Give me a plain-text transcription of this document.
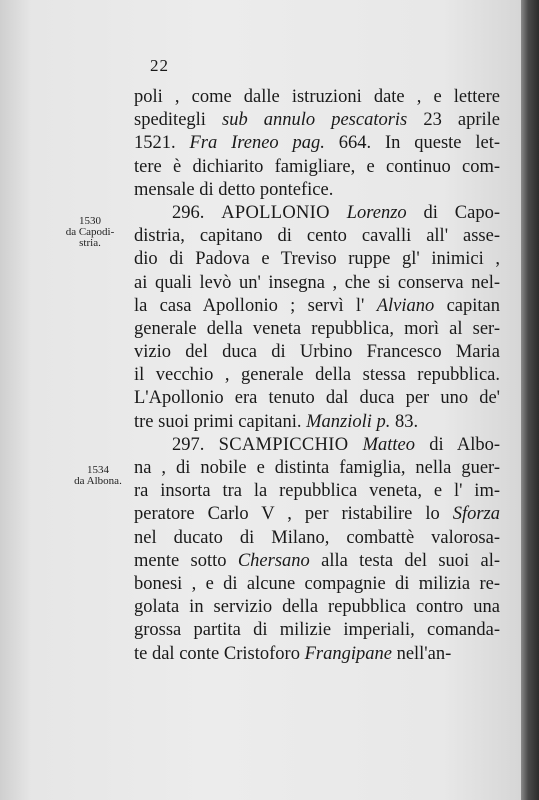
22
poli , come dalle istruzioni date , e lettere
speditegli sub annulo pescatoris 23 aprile
1521. Fra Ireneo pag. 664. In queste let-
tere è dichiarito famigliare, e continuo com-
mensale di detto pontefice.
296. APOLLONIO Lorenzo di Capo-
distria, capitano di cento cavalli all' asse-
dio di Padova e Treviso ruppe gl' inimici ,
ai quali levò un' insegna , che si conserva nel-
la casa Apollonio ; servì l' Alviano capitan
generale della veneta repubblica, morì al ser-
vizio del duca di Urbino Francesco Maria
il vecchio , generale della stessa repubblica.
L'Apollonio era tenuto dal duca per uno de'
tre suoi primi capitani. Manzioli p. 83.
297. SCAMPICCHIO Matteo di Albo-
na , di nobile e distinta famiglia, nella guer-
ra insorta tra la repubblica veneta, e l' im-
peratore Carlo V , per ristabilire lo Sforza
nel ducato di Milano, combattè valorosa-
mente sotto Chersano alla testa del suoi al-
bonesi , e di alcune compagnie di milizia re-
golata in servizio della repubblica contro una
grossa partita di milizie imperiali, comanda-
te dal conte Cristoforo Frangipane nell'an-
1530
da Capodi-
stria.
1534
da Albona.
